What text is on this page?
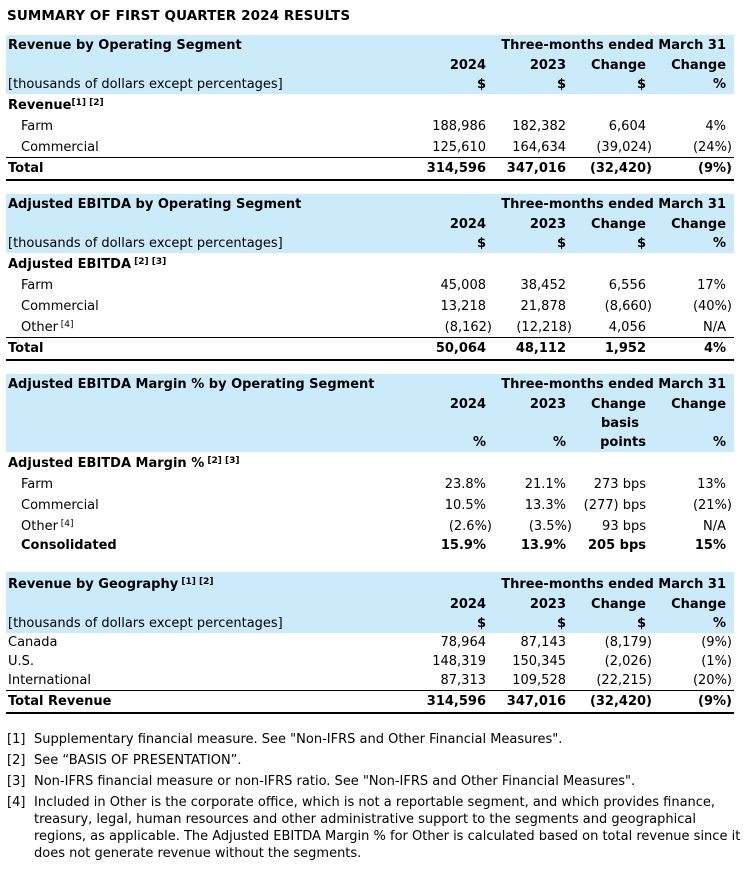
SUMMARY OF FIRST QUARTER 2024 RESULTS
Revenue by Operating Segment	Three-months ended March 31			
	2024	2023	Change	Change
[thousands of dollars except percentages]	$	$	$	%
Revenue[1] [2]
Farm	188,986	182,382	6,604	4%
Commercial	125,610	164,634	(39,024)	(24%)
Total	314,596	347,016	(32,420)	(9%)
Adjusted EBITDA by Operating Segment	Three-months ended March 31			
	2024	2023	Change	Change
[thousands of dollars except percentages]	$	$	$	%
Adjusted EBITDA [2] [3]
Farm	45,008	38,452	6,556	17%
Commercial	13,218	21,878	(8,660)	(40%)
Other [4]	(8,162)	(12,218)	4,056	N/A
Total	50,064	48,112	1,952	4%
Adjusted EBITDA Margin % by Operating Segment	Three-months ended March 31			
	2024	2023	Change	Change
			basis	
	%	%	points	%
Adjusted EBITDA Margin % [2] [3]
Farm	23.8%	21.1%	273 bps	13%
Commercial	10.5%	13.3%	(277) bps	(21%)
Other [4]	(2.6%)	(3.5%)	93 bps	N/A
Consolidated	15.9%	13.9%	205 bps	15%
Revenue by Geography [1] [2]	Three-months ended March 31			
	2024	2023	Change	Change
[thousands of dollars except percentages]	$	$	$	%
Canada	78,964	87,143	(8,179)	(9%)
U.S.	148,319	150,345	(2,026)	(1%)
International	87,313	109,528	(22,215)	(20%)
Total Revenue	314,596	347,016	(32,420)	(9%)
[1] Supplementary financial measure. See "Non-IFRS and Other Financial Measures".
[2] See “BASIS OF PRESENTATION”.
[3] Non-IFRS financial measure or non-IFRS ratio. See "Non-IFRS and Other Financial Measures".
[4] Included in Other is the corporate office, which is not a reportable segment, and which provides finance, treasury, legal, human resources and other administrative support to the segments and geographical regions, as applicable. The Adjusted EBITDA Margin % for Other is calculated based on total revenue since it does not generate revenue without the segments.
